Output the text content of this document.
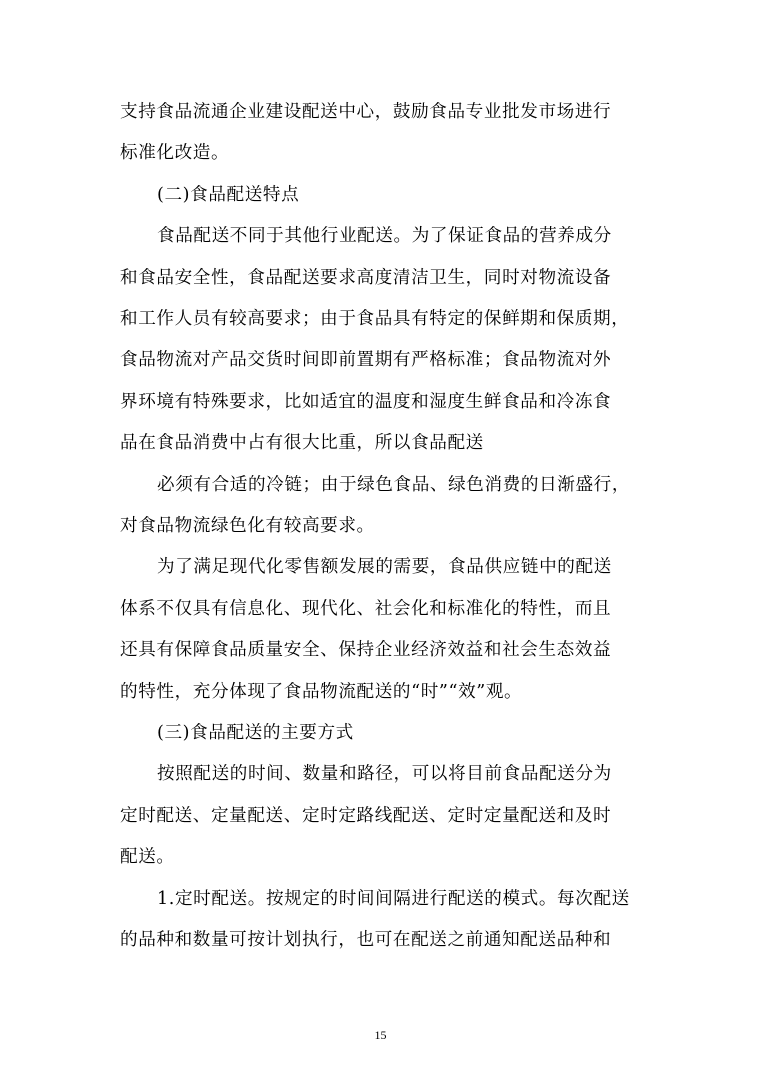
支持食品流通企业建设配送中心，鼓励食品专业批发市场进行
标准化改造。
(二)食品配送特点
食品配送不同于其他行业配送。为了保证食品的营养成分
和食品安全性，食品配送要求高度清洁卫生，同时对物流设备
和工作人员有较高要求；由于食品具有特定的保鲜期和保质期，
食品物流对产品交货时间即前置期有严格标准；食品物流对外
界环境有特殊要求，比如适宜的温度和湿度生鲜食品和冷冻食
品在食品消费中占有很大比重，所以食品配送
必须有合适的冷链；由于绿色食品、绿色消费的日渐盛行，
对食品物流绿色化有较高要求。
为了满足现代化零售额发展的需要，食品供应链中的配送
体系不仅具有信息化、现代化、社会化和标准化的特性，而且
还具有保障食品质量安全、保持企业经济效益和社会生态效益
的特性，充分体现了食品物流配送的“时”“效”观。
(三)食品配送的主要方式
按照配送的时间、数量和路径，可以将目前食品配送分为
定时配送、定量配送、定时定路线配送、定时定量配送和及时
配送。
1.定时配送。按规定的时间间隔进行配送的模式。每次配送
的品种和数量可按计划执行，也可在配送之前通知配送品种和
15
